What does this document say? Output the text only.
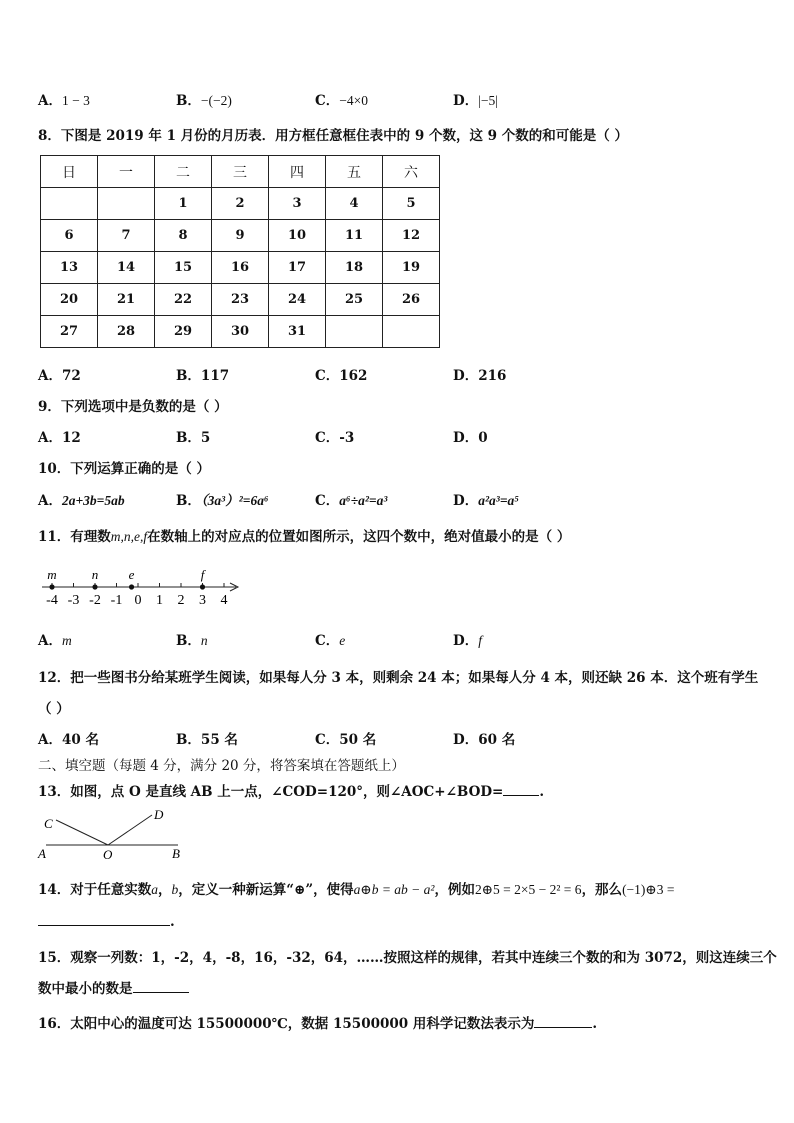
A．1 − 3	B．−(−2)	C．−4×0	D．|−5|
8．下图是 2019 年 1 月份的月历表．用方框任意框住表中的 9 个数，这 9 个数的和可能是（ ）
日	一	二	三	四	五	六
		1	2	3	4	5
6	7	8	9	10	11	12
13	14	15	16	17	18	19
20	21	22	23	24	25	26
27	28	29	30	31		
A．72	B．117	C．162	D．216
9．下列选项中是负数的是（ ）
A．12	B．5	C．-3	D．0
10．下列运算正确的是（ ）
A．2a+3b=5ab	B．（3a³）²=6a⁶	C．a⁶÷a²=a³	D．a²a³=a⁵
11．有理数m,n,e,f在数轴上的对应点的位置如图所示，这四个数中，绝对值最小的是（ ）
-4 -3 -2 -1 0 1 2 3 4
m	n e	f
A．m	B．n	C．e	D．f
12．把一些图书分给某班学生阅读，如果每人分 3 本，则剩余 24 本；如果每人分 4 本，则还缺 26 本．这个班有学生
（ ）
A．40 名	B．55 名	C．50 名	D．60 名
二、填空题（每题 4 分，满分 20 分，将答案填在答题纸上）
13．如图，点 O 是直线 AB 上一点，∠COD=120°，则∠AOC+∠BOD=	.
C
D
A	O	B
14．对于任意实数a，b，定义一种新运算“⊕”，使得a⊕b = ab − a²，例如2⊕5 = 2×5 − 2² = 6，那么(−1)⊕3 =
.
15．观察一列数：1，-2，4，-8，16，-32，64，……按照这样的规律，若其中连续三个数的和为 3072，则这连续三个
数中最小的数是
16．太阳中心的温度可达 15500000℃，数据 15500000 用科学记数法表示为	.
